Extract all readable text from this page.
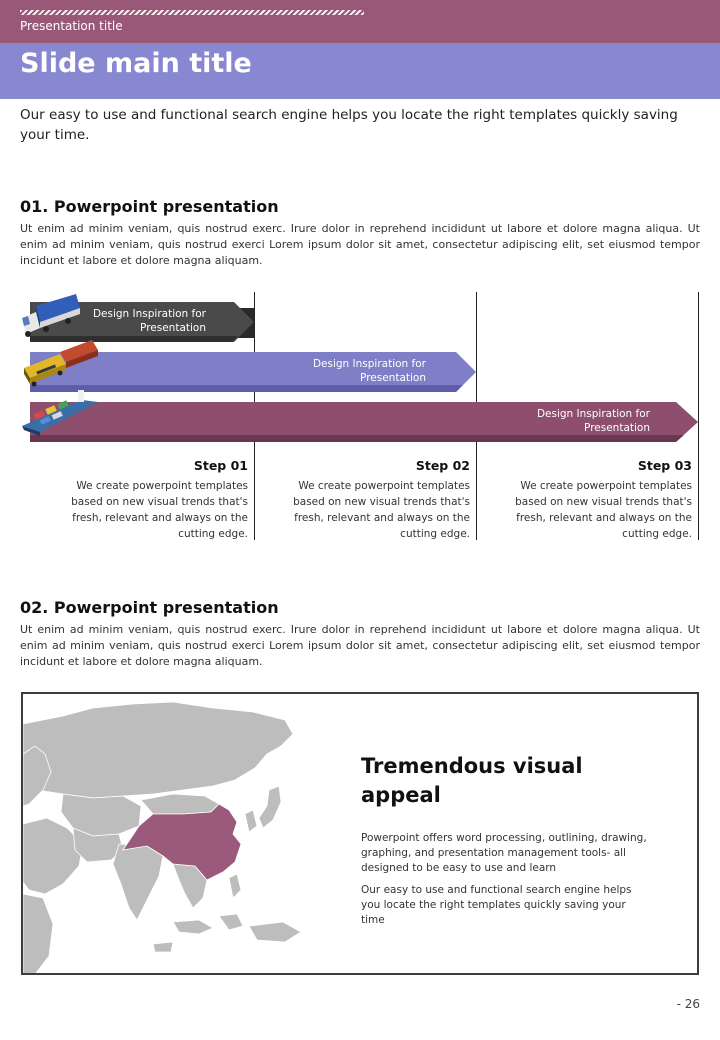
Presentation title
Slide main title
Our easy to use and functional search engine helps you locate the right templates quickly saving your time.
01. Powerpoint presentation
Ut enim ad minim veniam, quis nostrud exerc. Irure dolor in reprehend incididunt ut labore et dolore magna aliqua. Ut enim ad minim veniam, quis nostrud exerci Lorem ipsum dolor sit amet, consectetur adipiscing elit, set eiusmod tempor incidunt et labore et dolore magna aliquam.
Design Inspiration for Presentation
Design Inspiration for Presentation
Design Inspiration for Presentation
Step 01
We create powerpoint templates based on new visual trends that's fresh, relevant and always on the cutting edge.
Step 02
We create powerpoint templates based on new visual trends that's fresh, relevant and always on the cutting edge.
Step 03
We create powerpoint templates based on new visual trends that's fresh, relevant and always on the cutting edge.
02. Powerpoint presentation
Ut enim ad minim veniam, quis nostrud exerc. Irure dolor in reprehend incididunt ut labore et dolore magna aliqua. Ut enim ad minim veniam, quis nostrud exerci Lorem ipsum dolor sit amet, consectetur adipiscing elit, set eiusmod tempor incidunt et labore et dolore magna aliquam.
Tremendous visual appeal
Powerpoint offers word processing, outlining, drawing, graphing, and presentation management tools- all designed to be easy to use and learn
Our easy to use and functional search engine helps you locate the right templates quickly saving your time
- 26
